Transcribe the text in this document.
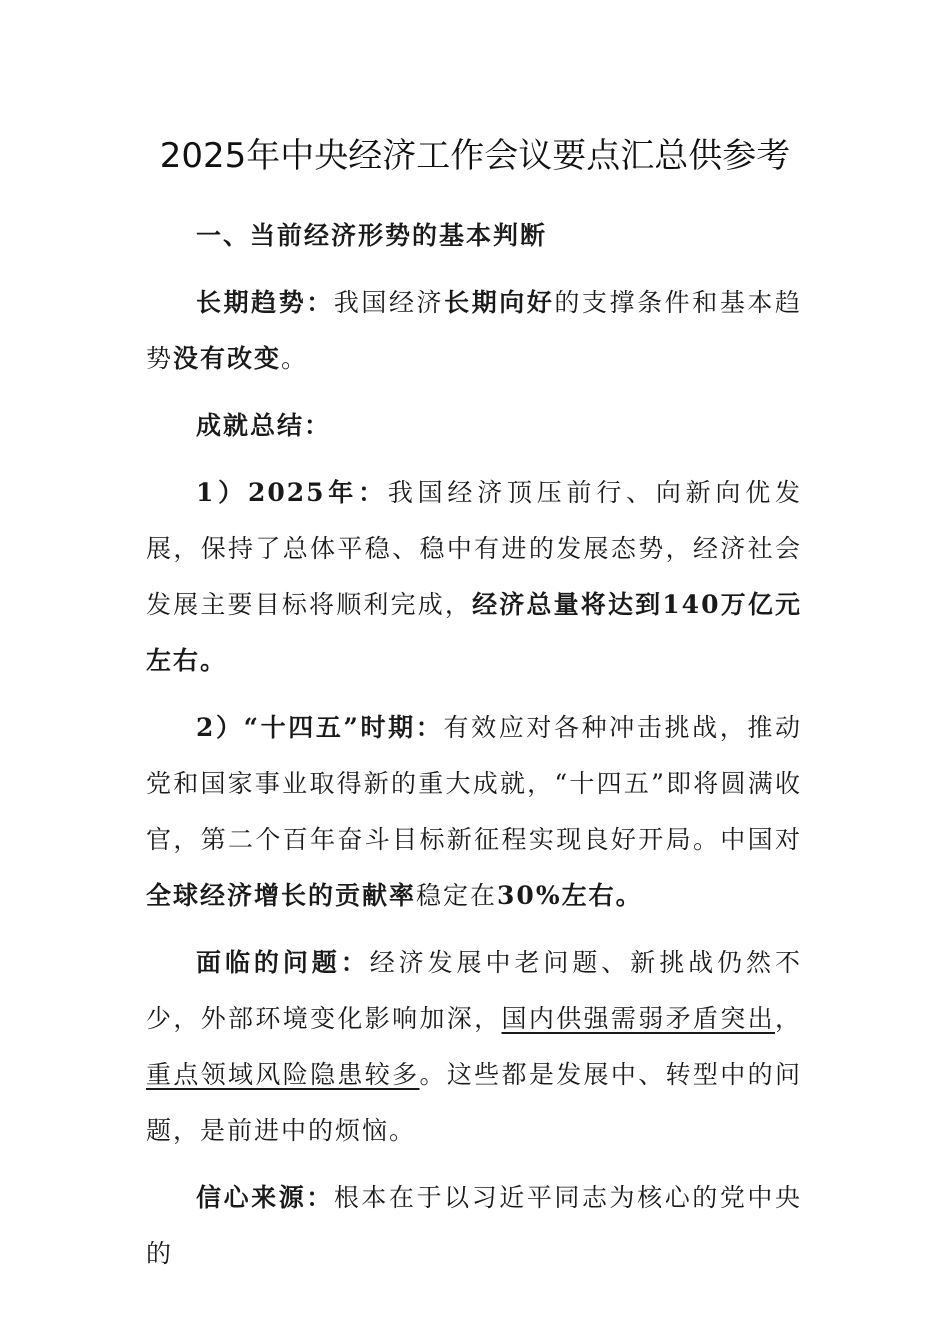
2025年中央经济工作会议要点汇总供参考

一、当前经济形势的基本判断

长期趋势：我国经济长期向好的支撑条件和基本趋势没有改变。

成就总结：

1）2025年：我国经济顶压前行、向新向优发展，保持了总体平稳、稳中有进的发展态势，经济社会发展主要目标将顺利完成，经济总量将达到140万亿元左右。

2）“十四五”时期：有效应对各种冲击挑战，推动党和国家事业取得新的重大成就，“十四五”即将圆满收官，第二个百年奋斗目标新征程实现良好开局。中国对全球经济增长的贡献率稳定在30%左右。

面临的问题：经济发展中老问题、新挑战仍然不少，外部环境变化影响加深，国内供强需弱矛盾突出，重点领域风险隐患较多。这些都是发展中、转型中的问题，是前进中的烦恼。

信心来源：根本在于以习近平同志为核心的党中央的
